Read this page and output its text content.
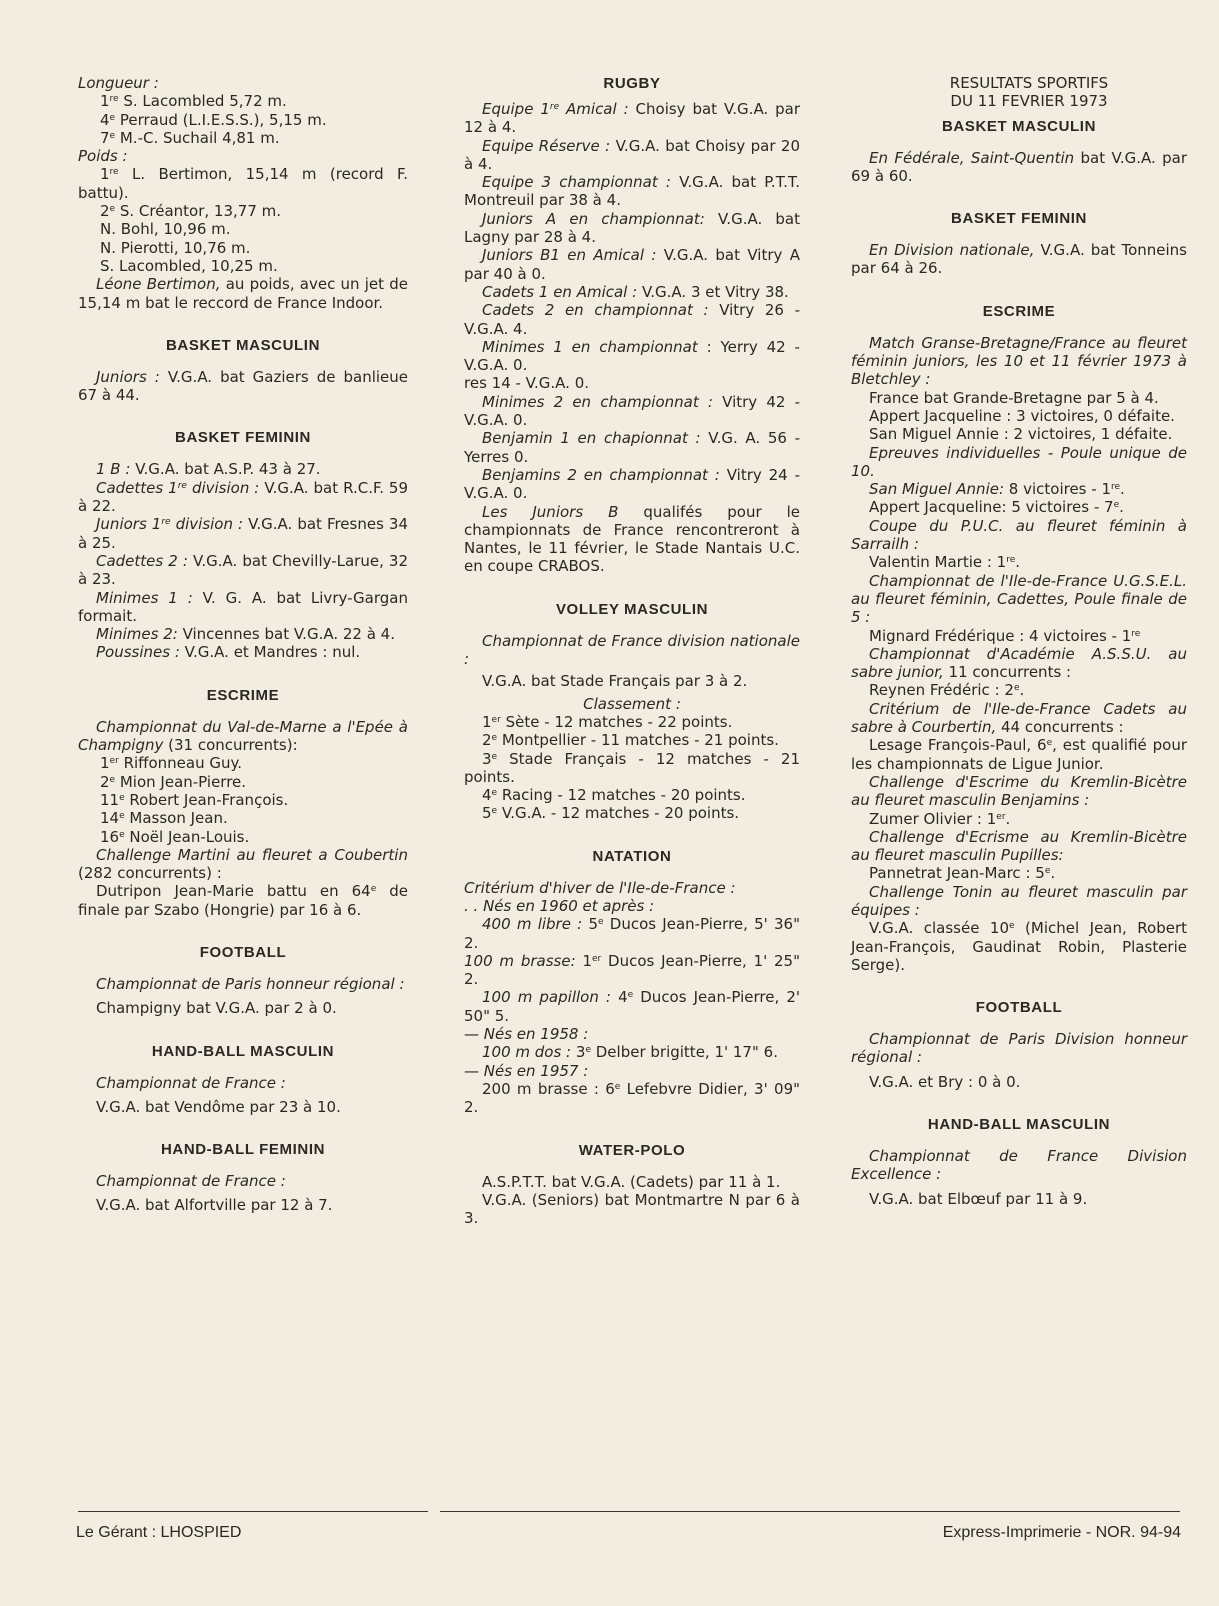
Longueur :

1re S. Lacombled 5,72 m.

4e Perraud (L.I.E.S.S.), 5,15 m.

7e M.-C. Suchail 4,81 m.

Poids :

1re L. Bertimon, 15,14 m (record F. battu).

2e S. Créantor, 13,77 m.

N. Bohl, 10,96 m.

N. Pierotti, 10,76 m.

S. Lacombled, 10,25 m.

Léone Bertimon, au poids, avec un jet de 15,14 m bat le reccord de France Indoor.

BASKET MASCULIN

Juniors : V.G.A. bat Gaziers de banlieue 67 à 44.

BASKET FEMININ

1 B : V.G.A. bat A.S.P. 43 à 27.

Cadettes 1re division : V.G.A. bat R.C.F. 59 à 22.

Juniors 1re division : V.G.A. bat Fresnes 34 à 25.

Cadettes 2 : V.G.A. bat Chevilly-Larue, 32 à 23.

Minimes 1 : V. G. A. bat Livry-Gargan formait.

Minimes 2: Vincennes bat V.G.A. 22 à 4.

Poussines : V.G.A. et Mandres : nul.

ESCRIME

Championnat du Val-de-Marne a l'Epée à Champigny (31 concurrents):

1er Riffonneau Guy.

2e Mion Jean-Pierre.

11e Robert Jean-François.

14e Masson Jean.

16e Noël Jean-Louis.

Challenge Martini au fleuret a Coubertin (282 concurrents) :

Dutripon Jean-Marie battu en 64e de finale par Szabo (Hongrie) par 16 à 6.

FOOTBALL

Championnat de Paris honneur régional :

Champigny bat V.G.A. par 2 à 0.

HAND-BALL MASCULIN

Championnat de France :

V.G.A. bat Vendôme par 23 à 10.

HAND-BALL FEMININ

Championnat de France :

V.G.A. bat Alfortville par 12 à 7.

RUGBY

Equipe 1re Amical : Choisy bat V.G.A. par 12 à 4.

Equipe Réserve : V.G.A. bat Choisy par 20 à 4.

Equipe 3 championnat : V.G.A. bat P.T.T. Montreuil par 38 à 4.

Juniors A en championnat: V.G.A. bat Lagny par 28 à 4.

Juniors B1 en Amical : V.G.A. bat Vitry A par 40 à 0.

Cadets 1 en Amical : V.G.A. 3 et Vitry 38.

Cadets 2 en championnat : Vitry 26 - V.G.A. 4.

Minimes 1 en championnat : Yerry 42 - V.G.A. 0.

res 14 - V.G.A. 0.

Minimes 2 en championnat : Vitry 42 - V.G.A. 0.

Benjamin 1 en chapionnat : V.G. A. 56 - Yerres 0.

Benjamins 2 en championnat : Vitry 24 - V.G.A. 0.

Les Juniors B qualifés pour le championnats de France rencontreront à Nantes, le 11 février, le Stade Nantais U.C. en coupe CRABOS.

VOLLEY MASCULIN

Championnat de France division nationale :

V.G.A. bat Stade Français par 3 à 2.

Classement :

1er Sète - 12 matches - 22 points.

2e Montpellier - 11 matches - 21 points.

3e Stade Français - 12 matches - 21 points.

4e Racing - 12 matches - 20 points.

5e V.G.A. - 12 matches - 20 points.

NATATION

Critérium d'hiver de l'Ile-de-France :

. . Nés en 1960 et après :

400 m libre : 5e Ducos Jean-Pierre, 5' 36" 2.

100 m brasse: 1er Ducos Jean-Pierre, 1' 25" 2.

100 m papillon : 4e Ducos Jean-Pierre, 2' 50" 5.

— Nés en 1958 :

100 m dos : 3e Delber brigitte, 1' 17" 6.

— Nés en 1957 :

200 m brasse : 6e Lefebvre Didier, 3' 09" 2.

WATER-POLO

A.S.P.T.T. bat V.G.A. (Cadets) par 11 à 1.

V.G.A. (Seniors) bat Montmartre N par 6 à 3.

RESULTATS SPORTIFS

DU 11 FEVRIER 1973

BASKET MASCULIN

En Fédérale, Saint-Quentin bat V.G.A. par 69 à 60.

BASKET FEMININ

En Division nationale, V.G.A. bat Tonneins par 64 à 26.

ESCRIME

Match Granse-Bretagne/France au fleuret féminin juniors, les 10 et 11 février 1973 à Bletchley :

France bat Grande-Bretagne par 5 à 4.

Appert Jacqueline : 3 victoires, 0 défaite.

San Miguel Annie : 2 victoires, 1 défaite.

Epreuves individuelles - Poule unique de 10.

San Miguel Annie: 8 victoires - 1re.

Appert Jacqueline: 5 victoires - 7e.

Coupe du P.U.C. au fleuret féminin à Sarrailh :

Valentin Martie : 1re.

Championnat de l'Ile-de-France U.G.S.E.L. au fleuret féminin, Cadettes, Poule finale de 5 :

Mignard Frédérique : 4 victoires - 1re

Championnat d'Académie A.S.S.U. au sabre junior, 11 concurrents :

Reynen Frédéric : 2e.

Critérium de l'Ile-de-France Cadets au sabre à Courbertin, 44 concurrents :

Lesage François-Paul, 6e, est qualifié pour les championnats de Ligue Junior.

Challenge d'Escrime du Kremlin-Bicètre au fleuret masculin Benjamins :

Zumer Olivier : 1er.

Challenge d'Ecrisme au Kremlin-Bicètre au fleuret masculin Pupilles:

Pannetrat Jean-Marc : 5e.

Challenge Tonin au fleuret masculin par équipes :

V.G.A. classée 10e (Michel Jean, Robert Jean-François, Gaudinat Robin, Plasterie Serge).

FOOTBALL

Championnat de Paris Division honneur régional :

V.G.A. et Bry : 0 à 0.

HAND-BALL MASCULIN

Championnat de France Division Excellence :

V.G.A. bat Elbœuf par 11 à 9.

Le Gérant : LHOSPIED	Express-Imprimerie - NOR. 94-94
